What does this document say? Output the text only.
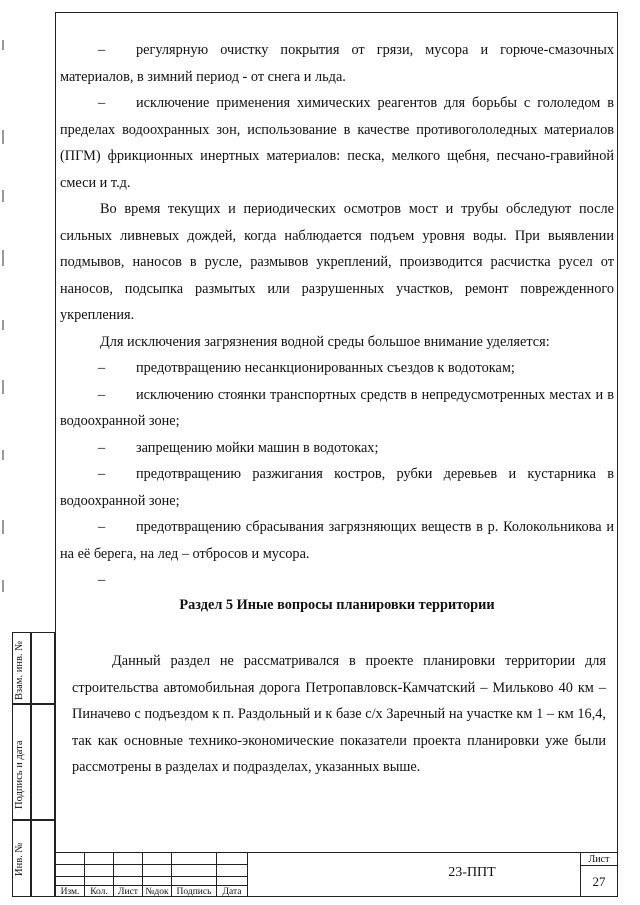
Взам. инв. №
Подпись и дата
Инв. №

– регулярную очистку покрытия от грязи, мусора и горюче-смазочных материалов, в зимний период - от снега и льда.

– исключение применения химических реагентов для борьбы с гололедом в пределах водоохранных зон, использование в качестве противогололедных материалов (ПГМ) фрикционных инертных материалов: песка, мелкого щебня, песчано-гравийной смеси и т.д.

Во время текущих и периодических осмотров мост и трубы обследуют после сильных ливневых дождей, когда наблюдается подъем уровня воды. При выявлении подмывов, наносов в русле, размывов укреплений, производится расчистка русел от наносов, подсыпка размытых или разрушенных участков, ремонт поврежденного укрепления.

Для исключения загрязнения водной среды большое внимание уделяется:

– предотвращению несанкционированных съездов к водотокам;

– исключению стоянки транспортных средств в непредусмотренных местах и в водоохранной зоне;

– запрещению мойки машин в водотоках;

– предотвращению разжигания костров, рубки деревьев и кустарника в водоохранной зоне;

– предотвращению сбрасывания загрязняющих веществ в р. Колокольникова и на её берега, на лед – отбросов и мусора.

–

Раздел 5 Иные вопросы планировки территории

Данный раздел не рассматривался в проекте планировки территории для строительства автомобильная дорога Петропавловск-Камчатский – Мильково 40 км – Пиначево с подъездом к п. Раздольный и к базе с/х Заречный на участке км 1 – км 16,4, так как основные технико-экономические показатели проекта планировки уже были рассмотрены в разделах и подразделах, указанных выше.

Изм.	Кол.	Лист №док Подпись	Дата
23-ППТ
Лист
27
